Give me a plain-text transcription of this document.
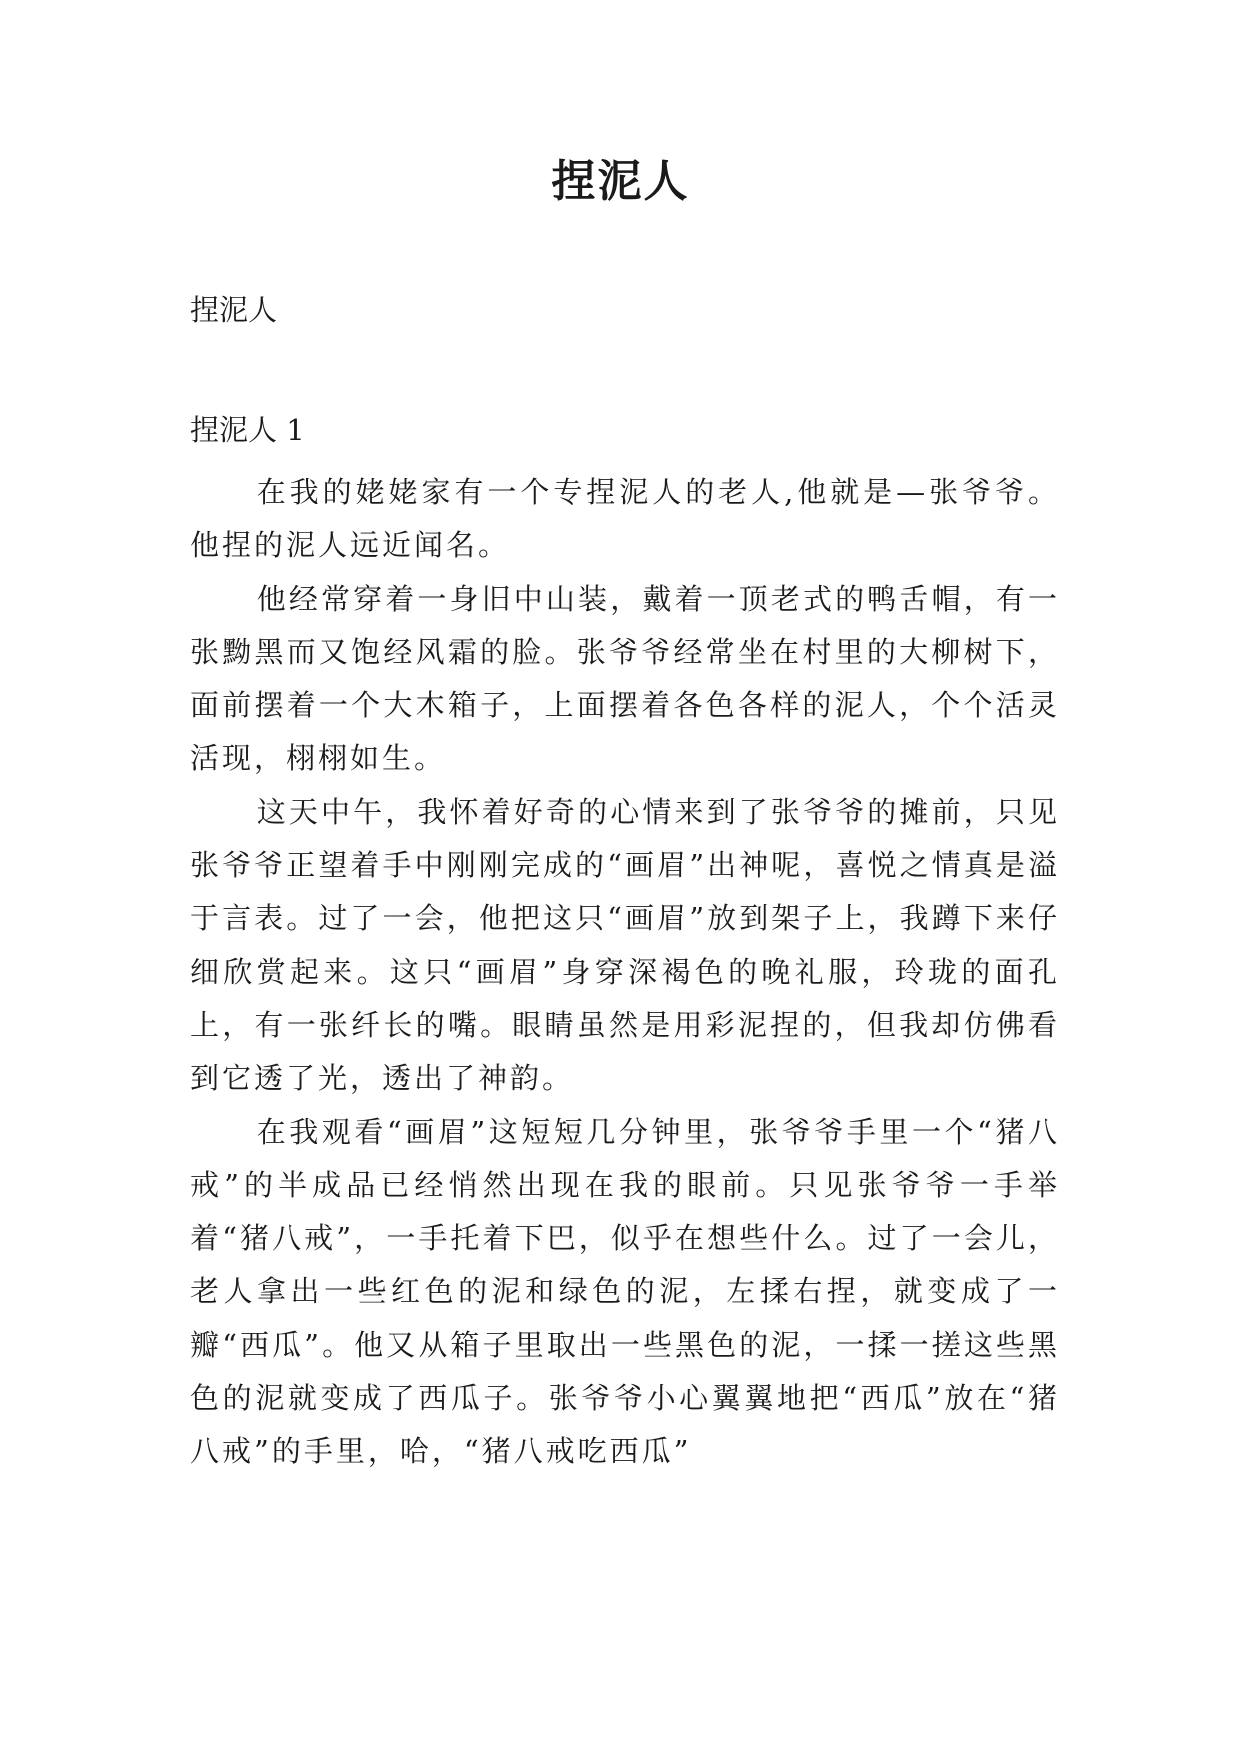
捏泥人
捏泥人
捏泥人 1

在我的姥姥家有一个专捏泥人的老人,他就是—张爷爷。他捏的泥人远近闻名。

他经常穿着一身旧中山装，戴着一顶老式的鸭舌帽，有一张黝黑而又饱经风霜的脸。张爷爷经常坐在村里的大柳树下，面前摆着一个大木箱子，上面摆着各色各样的泥人，个个活灵活现，栩栩如生。

这天中午，我怀着好奇的心情来到了张爷爷的摊前，只见张爷爷正望着手中刚刚完成的“画眉”出神呢，喜悦之情真是溢于言表。过了一会，他把这只“画眉”放到架子上，我蹲下来仔细欣赏起来。这只“画眉”身穿深褐色的晚礼服，玲珑的面孔上，有一张纤长的嘴。眼睛虽然是用彩泥捏的，但我却仿佛看到它透了光，透出了神韵。

在我观看“画眉”这短短几分钟里，张爷爷手里一个“猪八戒”的半成品已经悄然出现在我的眼前。只见张爷爷一手举着“猪八戒”，一手托着下巴，似乎在想些什么。过了一会儿，老人拿出一些红色的泥和绿色的泥，左揉右捏，就变成了一瓣“西瓜”。他又从箱子里取出一些黑色的泥，一揉一搓这些黑色的泥就变成了西瓜子。张爷爷小心翼翼地把“西瓜”放在“猪八戒”的手里，哈，“猪八戒吃西瓜”
